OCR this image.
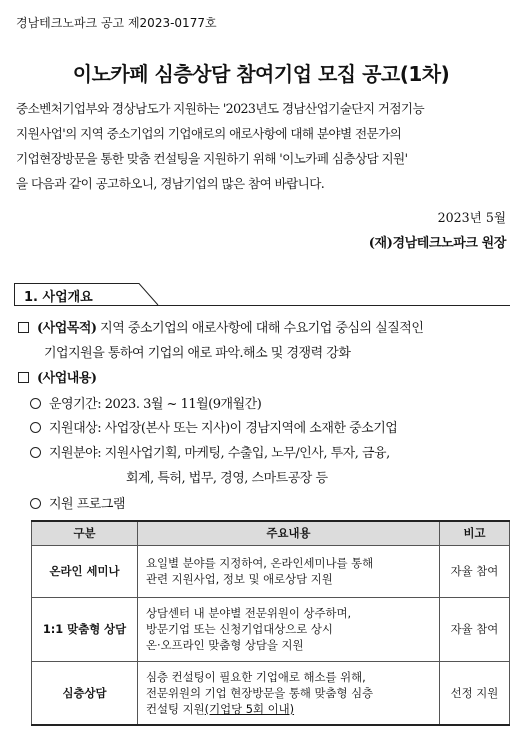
경남테크노파크 공고 제2023-0177호
이노카페 심층상담 참여기업 모집 공고(1차)
중소벤처기업부와 경상남도가 지원하는 '2023년도 경남산업기술단지 거점기능
지원사업'의 지역 중소기업의 기업애로의 애로사항에 대해 분야별 전문가의
기업현장방문을 통한 맞춤 컨설팅을 지원하기 위해 '이노카페 심층상담 지원'
을 다음과 같이 공고하오니, 경남기업의 많은 참여 바랍니다.
2023년 5월
(재)경남테크노파크 원장
1. 사업개요
(사업목적) 지역 중소기업의 애로사항에 대해 수요기업 중심의 실질적인
기업지원을 통하여 기업의 애로 파악.해소 및 경쟁력 강화
(사업내용)
운영기간: 2023. 3월 ~ 11월(9개월간)
지원대상: 사업장(본사 또는 지사)이 경남지역에 소재한 중소기업
지원분야: 지원사업기획, 마케팅, 수출입, 노무/인사, 투자, 금융,
회계, 특허, 법무, 경영, 스마트공장 등
지원 프로그램
구분	주요내용	비고
온라인 세미나	요일별 분야를 지정하여, 온라인세미나를 통해
관련 지원사업, 정보 및 애로상담 지원	자율 참여
1:1 맞춤형 상담	상담센터 내 분야별 전문위원이 상주하며,
방문기업 또는 신청기업대상으로 상시
온·오프라인 맞춤형 상담을 지원	자율 참여
심층상담	심층 컨설팅이 필요한 기업애로 해소를 위해,
전문위원의 기업 현장방문을 통해 맞춤형 심층
컨설팅 지원(기업당 5회 이내)	선정 지원
